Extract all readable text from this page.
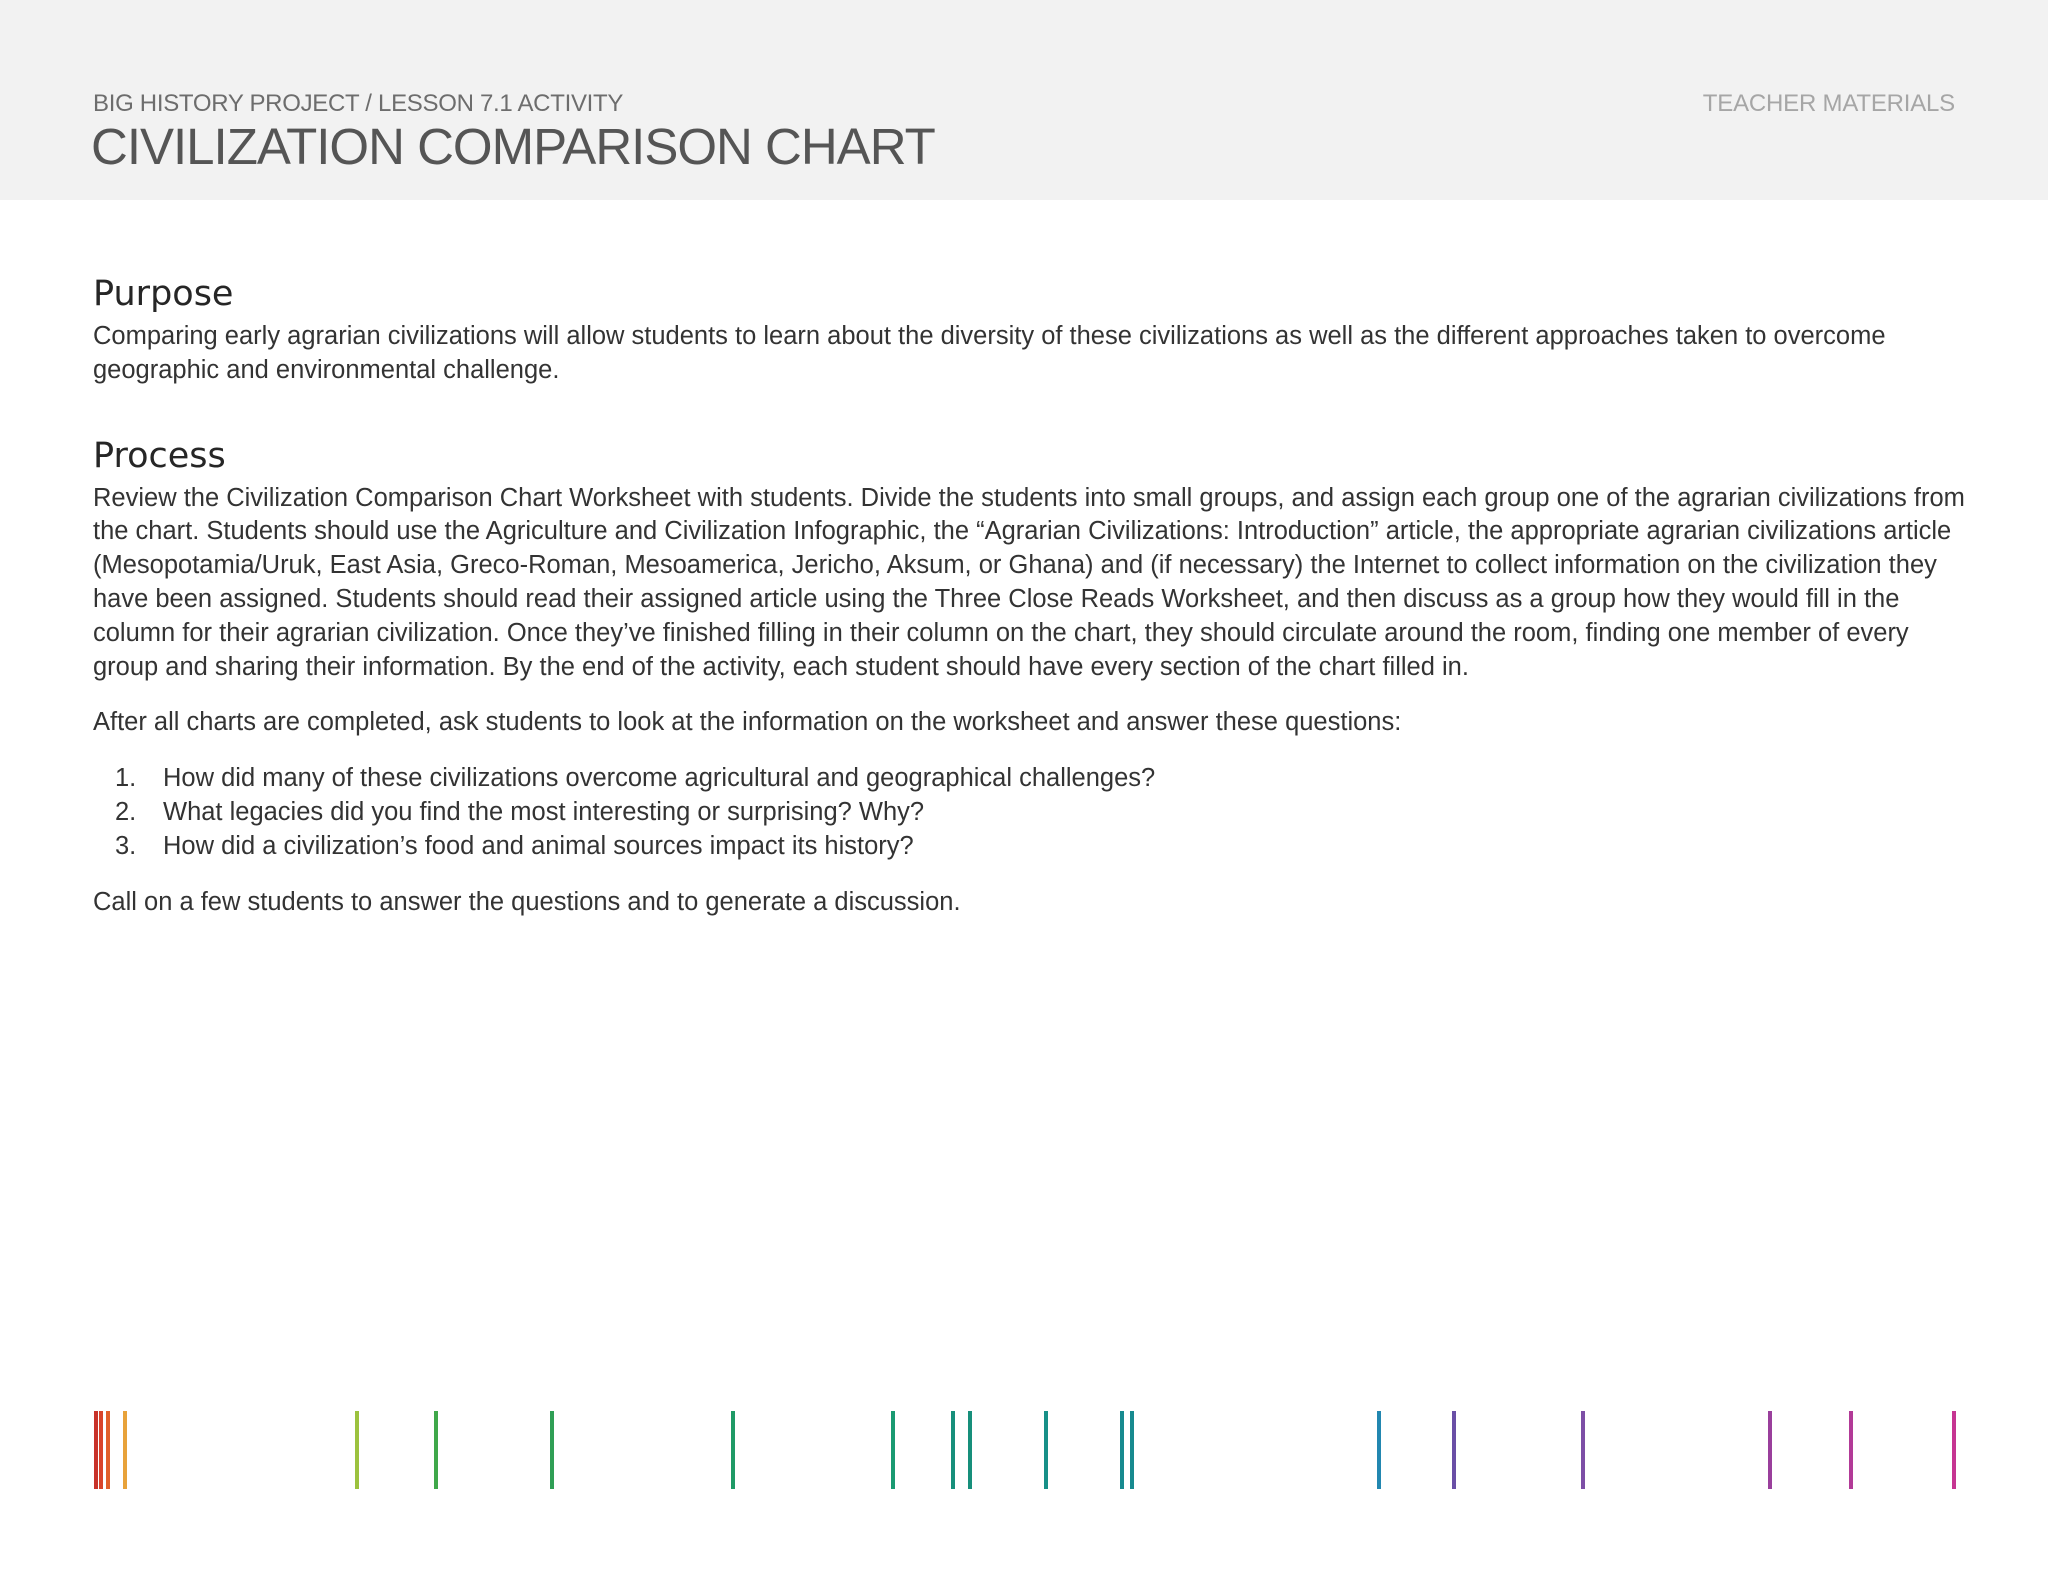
BIG HISTORY PROJECT / LESSON 7.1 ACTIVITY
CIVILIZATION COMPARISON CHART
TEACHER MATERIALS
Purpose

Comparing early agrarian civilizations will allow students to learn about the diversity of these civilizations as well as the different approaches taken to overcome geographic and environmental challenge.

Process

Review the Civilization Comparison Chart Worksheet with students. Divide the students into small groups, and assign each group one of the agrarian civilizations from the chart. Students should use the Agriculture and Civilization Infographic, the “Agrarian Civilizations: Introduction” article, the appropriate agrarian civilizations article (Mesopotamia/Uruk, East Asia, Greco-Roman, Mesoamerica, Jericho, Aksum, or Ghana) and (if necessary) the Internet to collect information on the civilization they have been assigned. Students should read their assigned article using the Three Close Reads Worksheet, and then discuss as a group how they would fill in the column for their agrarian civilization. Once they’ve finished filling in their column on the chart, they should circulate around the room, finding one member of every group and sharing their information. By the end of the activity, each student should have every section of the chart filled in.

After all charts are completed, ask students to look at the information on the worksheet and answer these questions:

1.	How did many of these civilizations overcome agricultural and geographical challenges?
2.	What legacies did you find the most interesting or surprising? Why?
3.	How did a civilization’s food and animal sources impact its history?

Call on a few students to answer the questions and to generate a discussion.
